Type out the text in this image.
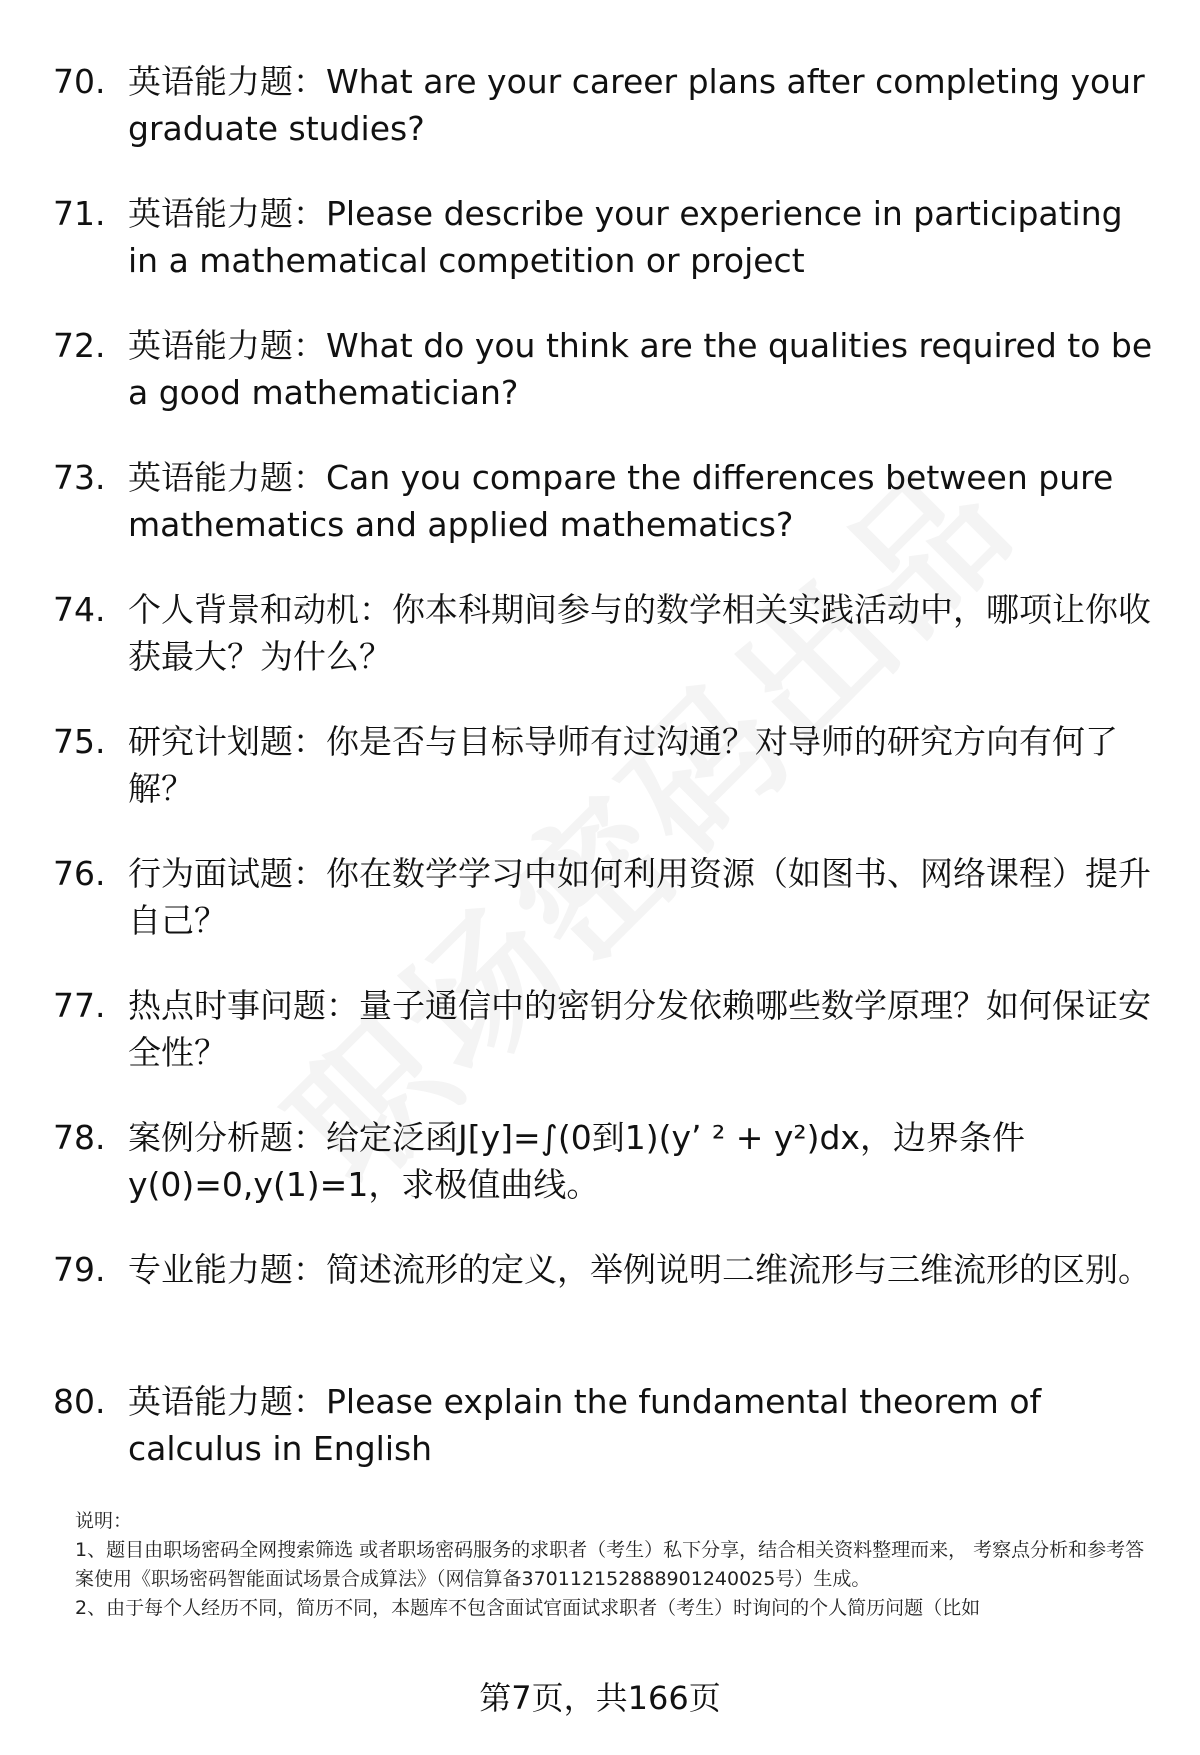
70. 英语能力题：What are your career plans after completing your graduate studies?
71. 英语能力题：Please describe your experience in participating in a mathematical competition or project
72. 英语能力题：What do you think are the qualities required to be a good mathematician?
73. 英语能力题：Can you compare the differences between pure mathematics and applied mathematics?
74. 个人背景和动机：你本科期间参与的数学相关实践活动中，哪项让你收获最大？为什么？
75. 研究计划题：你是否与目标导师有过沟通？对导师的研究方向有何了解？
76. 行为面试题：你在数学学习中如何利用资源（如图书、网络课程）提升自己？
77. 热点时事问题：量子通信中的密钥分发依赖哪些数学原理？如何保证安全性？
78. 案例分析题：给定泛函J[y]=∫(0到1)(y’ ² + y²)dx，边界条件y(0)=0,y(1)=1，求极值曲线。
79. 专业能力题：简述流形的定义，举例说明二维流形与三维流形的区别。
80. 英语能力题：Please explain the fundamental theorem of calculus in English

说明：

1、题目由职场密码全网搜索筛选 或者职场密码服务的求职者（考生）私下分享，结合相关资料整理而来， 考察点分析和参考答案使用《职场密码智能面试场景合成算法》（网信算备370112152888901240025号）生成。

2、由于每个人经历不同，简历不同，本题库不包含面试官面试求职者（考生）时询问的个人简历问题（比如

第7页，共166页
